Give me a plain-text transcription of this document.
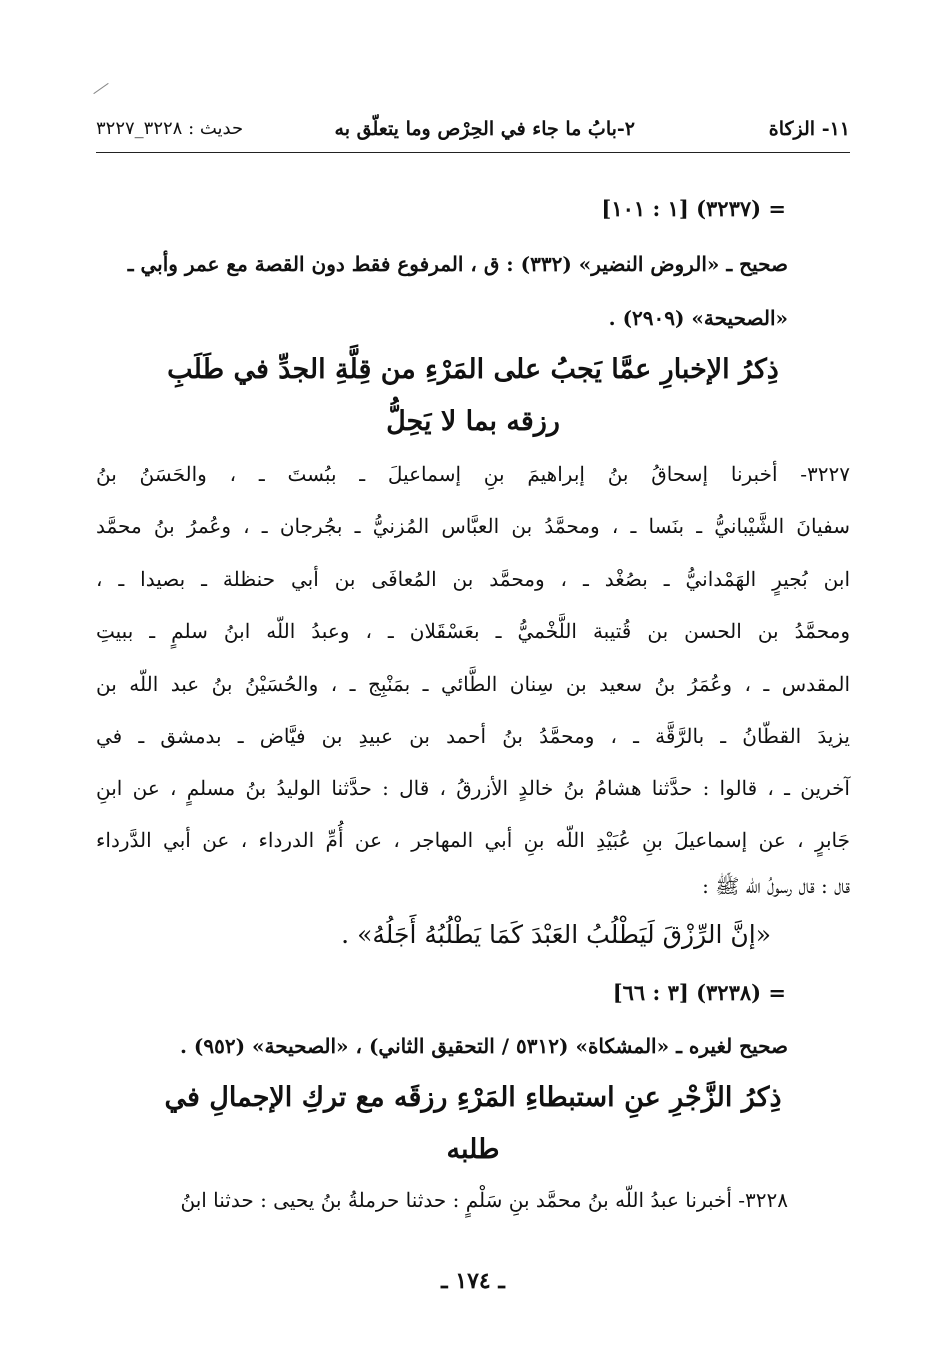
١١- الزكاة
٢-بابُ ما جاء في الحِرْص وما يتعلّق به
حديث : ٣٢٢٨_٣٢٢٧
= (٣٢٣٧) [١ : ١٠١]
صحيح ـ «الروض النضير» (٣٣٢) : ق ، المرفوع فقط دون القصة مع عمر وأبي ـ
«الصحيحة» (٢٩٠٩) .
ذِكرُ الإخبارِ عمَّا يَجبُ على المَرْءِ من قِلَّةِ الجدِّ في طَلَبِ
رزقه بما لا يَحِلُّ
٣٢٢٧- أخبرنا إسحاقُ بنُ إبراهيمَ بنِ إسماعيلَ ـ ببُستَ ـ ، والحَسَنُ بنُ
سفيانَ الشَّيْبانيُّ ـ بنَسا ـ ، ومحمَّدُ بن العبَّاس المُزنيُّ ـ بجُرجان ـ ، وعُمرُ بنُ محمَّد
ابن بُجيرٍ الهَمْدانيُّ ـ بصُغْد ـ ، ومحمَّد بن المُعافَى بن أبي حنظلة ـ بصيدا ـ ،
ومحمَّدُ بن الحسن بن قُتيبة اللَّخْميُّ ـ بعَسْقَلان ـ ، وعبدُ اللّه ابنُ سلمٍ ـ ببيتِ
المقدس ـ ، وعُمَرُ بنُ سعيد بن سِنان الطَّائي ـ بمَنْبِج ـ ، والحُسَيْنُ بنُ عبد اللّه بن
يزيدَ القطّانُ ـ بالرَّقَّة ـ ، ومحمَّدُ بنُ أحمد بن عبيدِ بن فيَّاض ـ بدمشق ـ في
آخرين ـ ، قالوا : حدَّثنا هشامُ بنُ خالدٍ الأزرقُ ، قال : حدَّثنا الوليدُ بنُ مسلمٍ ، عن ابنِ
جَابرٍ ، عن إسماعيلَ بنِ عُبَيْدِ اللّه بنِ أبي المهاجر ، عن أُمِّ الدرداء ، عن أبي الدَّرداء
قال : قال رسولُ اللّه ﷺ :
«إنَّ الرِّزْقَ لَيَطْلُبُ العَبْدَ كَمَا يَطْلُبُهُ أَجَلُهُ» .
= (٣٢٣٨) [٣ : ٦٦]
صحيح لغيره ـ «المشكاة» (٥٣١٢ / التحقيق الثاني) ، «الصحيحة» (٩٥٢) .
ذِكرُ الزَّجْرِ عنِ استبطاءِ المَرْءِ رزقَه مع تركِ الإجمالِ في
طلبه
٣٢٢٨- أخبرنا عبدُ اللّه بنُ محمَّد بنِ سَلْمٍ : حدثنا حرملةُ بنُ يحيى : حدثنا ابنُ
ـ ١٧٤ ـ
